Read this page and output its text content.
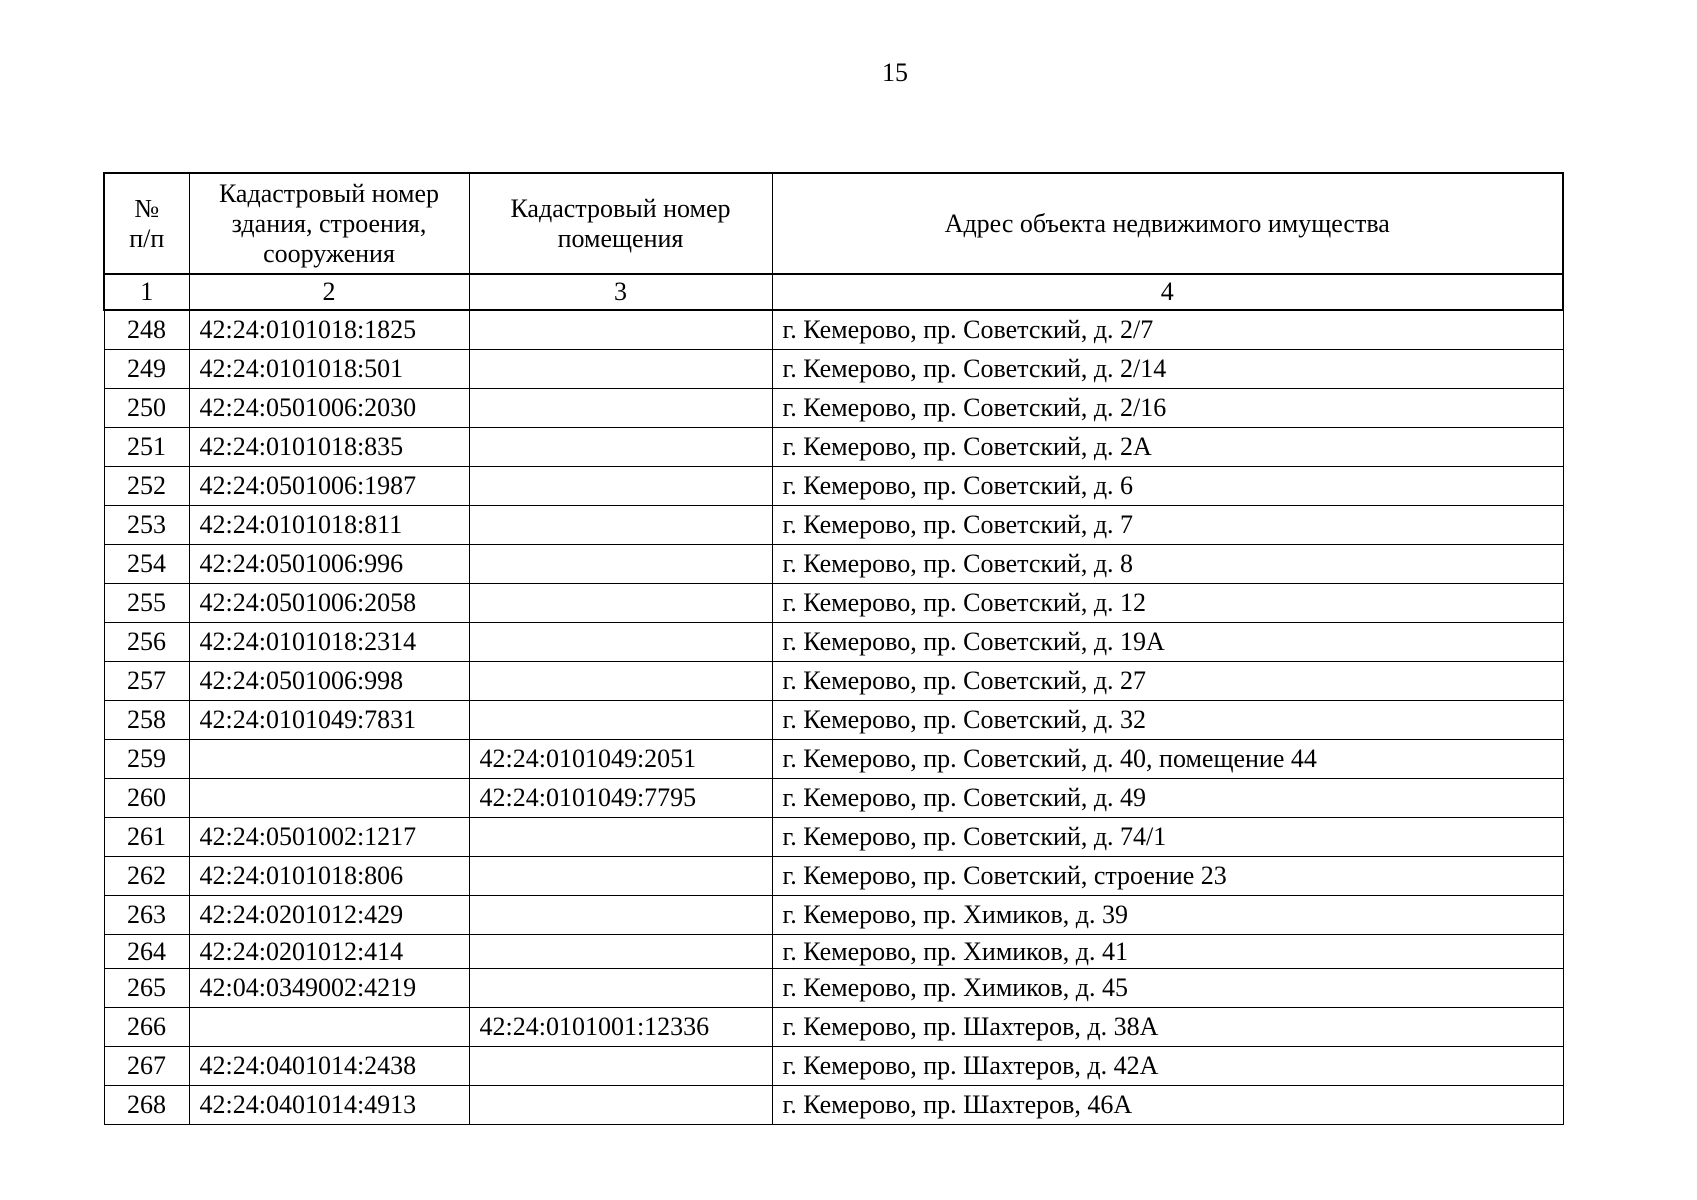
15
№
п/п	Кадастровый номер здания, строения, сооружения	Кадастровый номер помещения	Адрес объекта недвижимого имущества

1	2	3	4
248	42:24:0101018:1825		г. Кемерово, пр. Советский, д. 2/7
249	42:24:0101018:501		г. Кемерово, пр. Советский, д. 2/14
250	42:24:0501006:2030		г. Кемерово, пр. Советский, д. 2/16
251	42:24:0101018:835		г. Кемерово, пр. Советский, д. 2А
252	42:24:0501006:1987		г. Кемерово, пр. Советский, д. 6
253	42:24:0101018:811		г. Кемерово, пр. Советский, д. 7
254	42:24:0501006:996		г. Кемерово, пр. Советский, д. 8
255	42:24:0501006:2058		г. Кемерово, пр. Советский, д. 12
256	42:24:0101018:2314		г. Кемерово, пр. Советский, д. 19А
257	42:24:0501006:998		г. Кемерово, пр. Советский, д. 27
258	42:24:0101049:7831		г. Кемерово, пр. Советский, д. 32
259		42:24:0101049:2051	г. Кемерово, пр. Советский, д. 40, помещение 44
260		42:24:0101049:7795	г. Кемерово, пр. Советский, д. 49
261	42:24:0501002:1217		г. Кемерово, пр. Советский, д. 74/1
262	42:24:0101018:806		г. Кемерово, пр. Советский, строение 23
263	42:24:0201012:429		г. Кемерово, пр. Химиков, д. 39
264	42:24:0201012:414		г. Кемерово, пр. Химиков, д. 41
265	42:04:0349002:4219		г. Кемерово, пр. Химиков, д. 45
266		42:24:0101001:12336	г. Кемерово, пр. Шахтеров, д. 38А
267	42:24:0401014:2438		г. Кемерово, пр. Шахтеров, д. 42А
268	42:24:0401014:4913		г. Кемерово, пр. Шахтеров, 46А
